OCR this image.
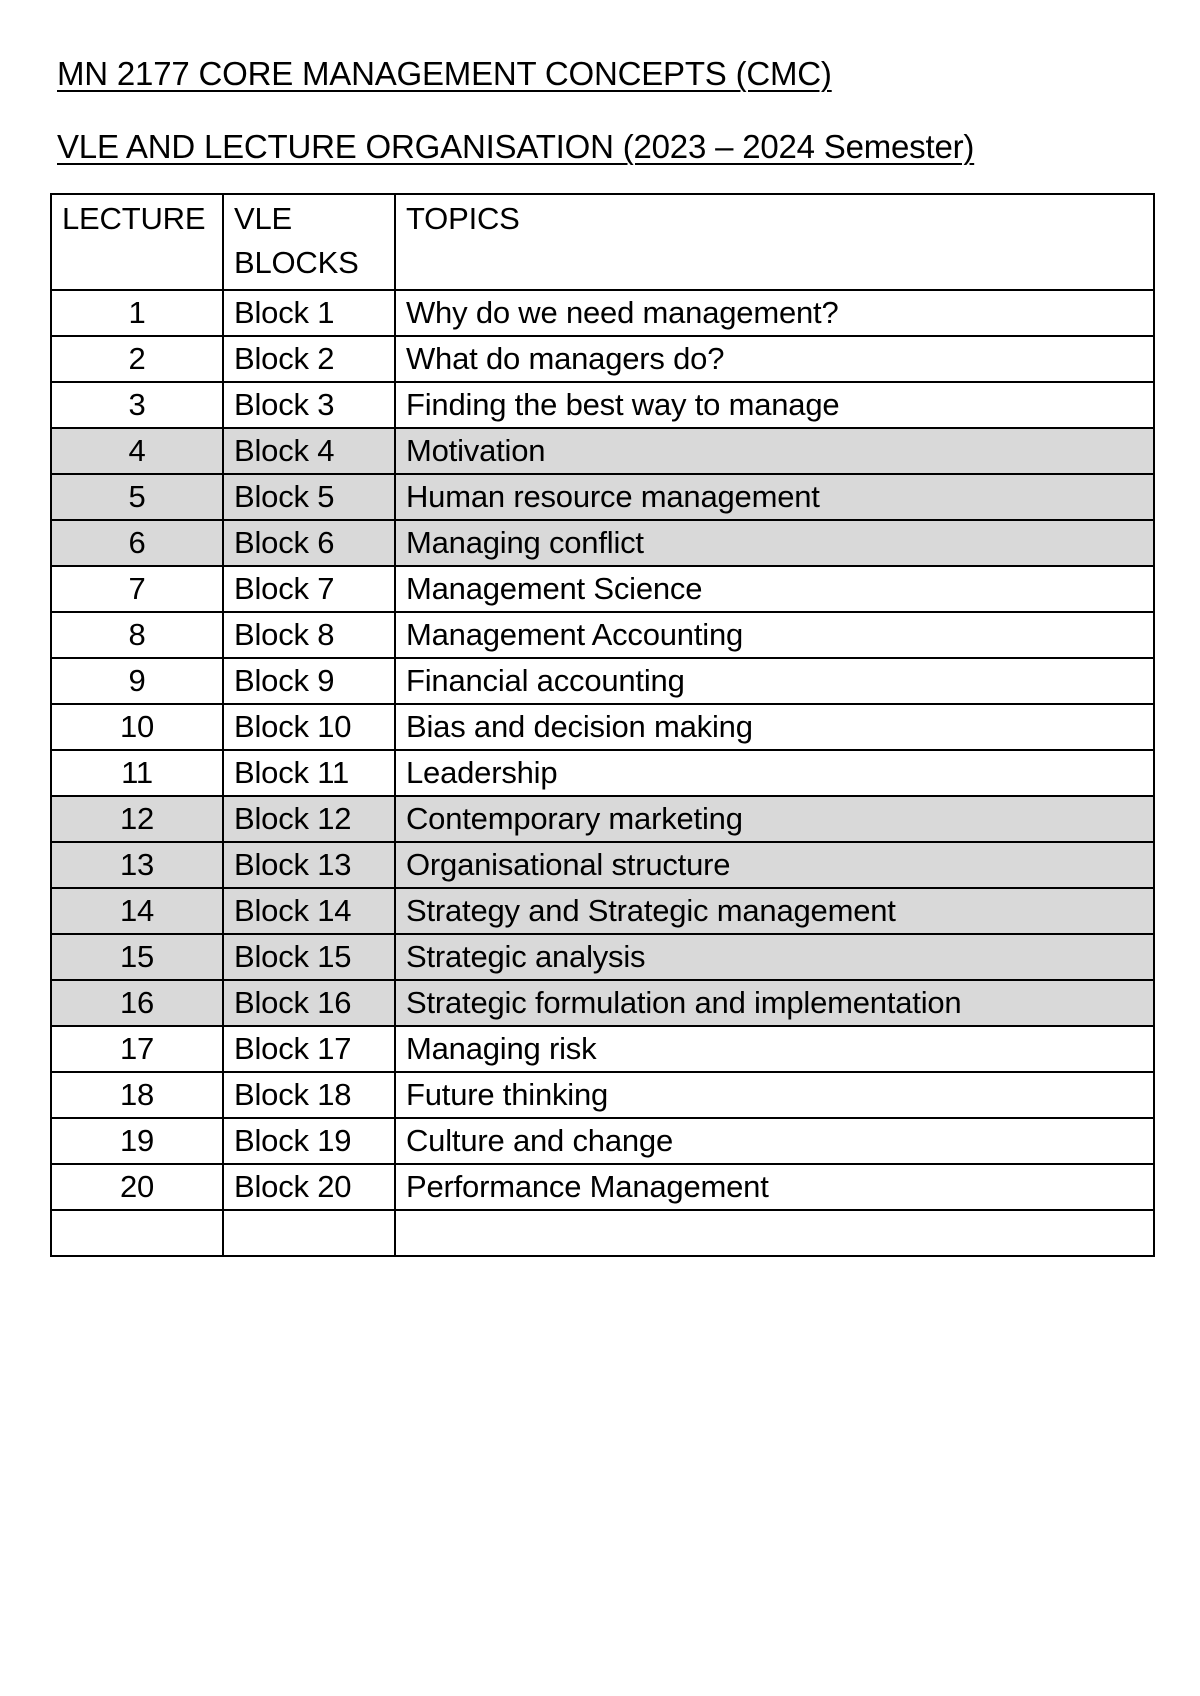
MN 2177 CORE MANAGEMENT CONCEPTS (CMC)
VLE AND LECTURE ORGANISATION (2023 – 2024 Semester)
LECTURE	VLE BLOCKS	TOPICS
1	Block 1	Why do we need management?
2	Block 2	What do managers do?
3	Block 3	Finding the best way to manage
4	Block 4	Motivation
5	Block 5	Human resource management
6	Block 6	Managing conflict
7	Block 7	Management Science
8	Block 8	Management Accounting
9	Block 9	Financial accounting
10	Block 10	Bias and decision making
11	Block 11	Leadership
12	Block 12	Contemporary marketing
13	Block 13	Organisational structure
14	Block 14	Strategy and Strategic management
15	Block 15	Strategic analysis
16	Block 16	Strategic formulation and implementation
17	Block 17	Managing risk
18	Block 18	Future thinking
19	Block 19	Culture and change
20	Block 20	Performance Management
